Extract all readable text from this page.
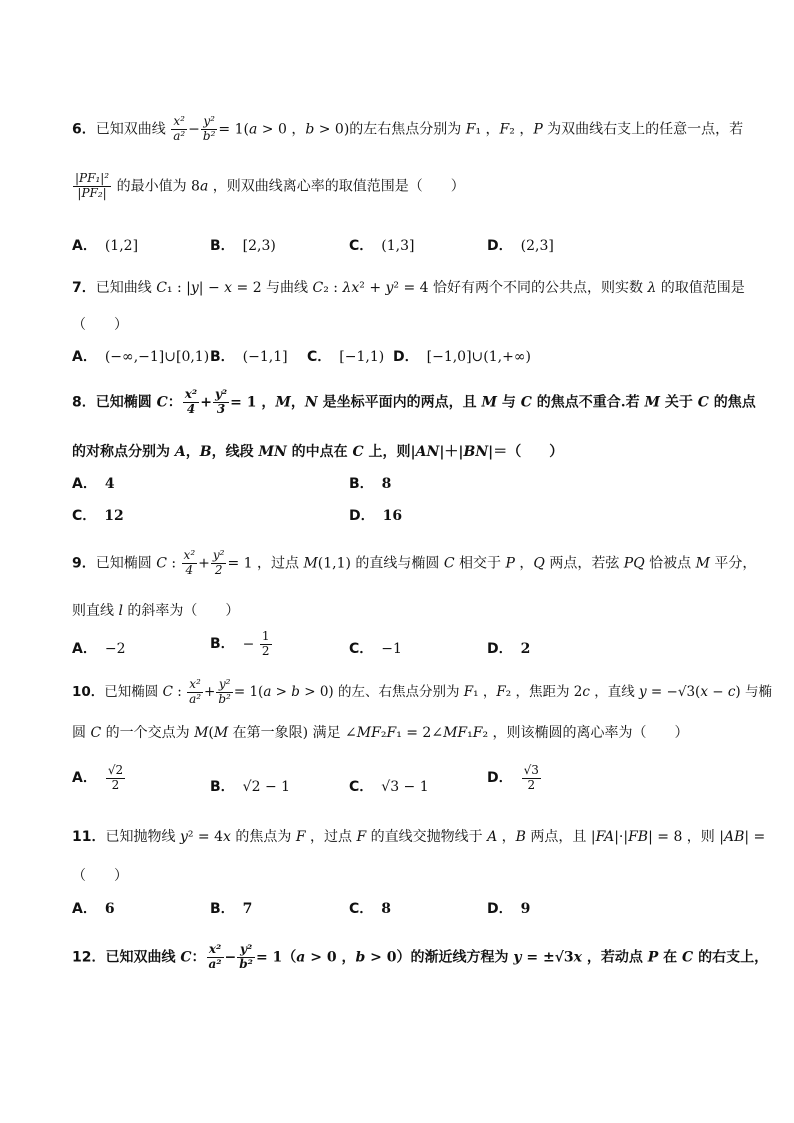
6．已知双曲线 $\frac{\text{x²}}{\text{a²}} - \frac{\text{y²}}{\text{b²}} = 1(a > 0$ ，b > 0)的左右焦点分别为 F₁ ，F₂ ，P 为双曲线右支上的任意一点，若
$\frac{\text{|PF₁|²}}{\text{|PF₂|}}$ 的最小值为 8a ，则双曲线离心率的取值范围是（　　）
A． (1,2]	B． [2,3)	C． (1,3]	D． (2,3]
7．已知曲线 C₁ : |y| − x = 2 与曲线 C₂ : λx² + y² = 4 恰好有两个不同的公共点，则实数 λ 的取值范围是
（　　）
A． (−∞,−1]∪[0,1) B． (−1,1] C． [−1,1) D． [−1,0]∪(1,+∞)
8．已知椭圆 C： $\frac{\text{x²}}{4} + \frac{\text{y²}}{3} = 1$ ，M，N 是坐标平面内的两点，且 M 与 C 的焦点不重合.若 M 关于 C 的焦点
的对称点分别为 A，B，线段 MN 的中点在 C 上，则|AN|＋|BN|＝（　　）
A． 4	B． 8
C． 12	D． 16
9．已知椭圆 C : $\frac{\text{x²}}{4} + \frac{\text{y²}}{2} = 1$ ，过点 M(1,1) 的直线与椭圆 C 相交于 P ，Q 两点，若弦 PQ 恰被点 M 平分，
则直线 l 的斜率为（　　）
A． −2	B． − $\frac{1}{2}$	C． −1	D． 2
10．已知椭圆 C : $\frac{\text{x²}}{\text{a²}} + \frac{\text{y²}}{\text{b²}} = 1(a > b > 0)$ 的左、右焦点分别为 F₁ ，F₂ ，焦距为 2c ，直线 y = −√3(x − c) 与椭
圆 C 的一个交点为 M(M 在第一象限) 满足 ∠MF₂F₁ = 2∠MF₁F₂ ，则该椭圆的离心率为（　　）
A． $\frac{√2}{2}$	B． √2 − 1	C． √3 − 1
D． $\frac{√3}{2}$
11．已知抛物线 y² = 4x 的焦点为 F ，过点 F 的直线交抛物线于 A ，B 两点，且 |FA|·|FB| = 8 ，则 |AB| =
（　　）
A． 6	B． 7	C． 8	D． 9
12．已知双曲线 C： $\frac{\text{x²}}{\text{a²}} - \frac{\text{y²}}{\text{b²}} = 1(a > 0$ ，b > 0）的渐近线方程为 y = ±√3x ，若动点 P 在 C 的右支上，
